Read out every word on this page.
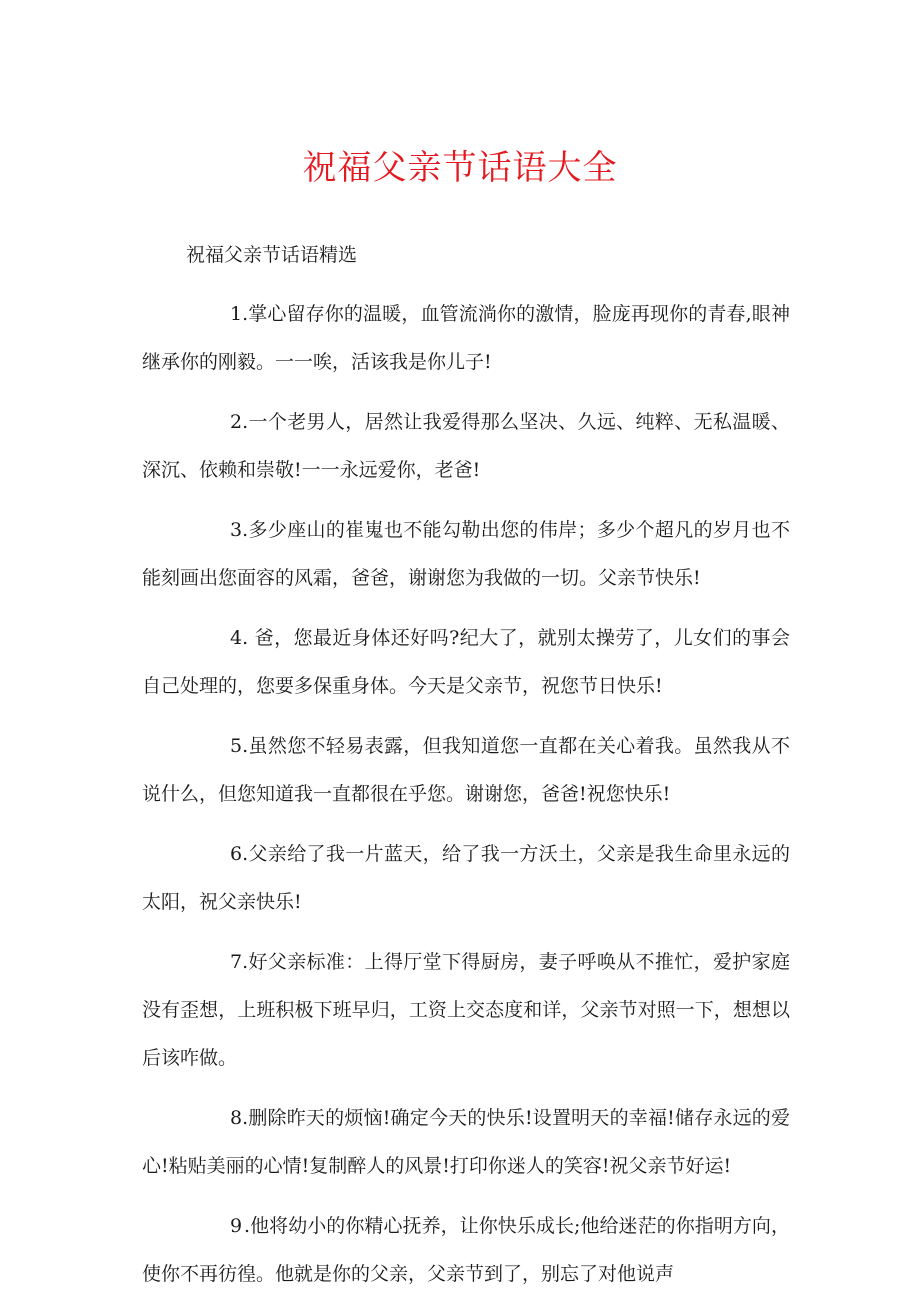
祝福父亲节话语大全

祝福父亲节话语精选

1.掌心留存你的温暖，血管流淌你的激情，脸庞再现你的青春,眼神继承你的刚毅。一一唉，活该我是你儿子!

2.一个老男人，居然让我爱得那么坚决、久远、纯粹、无私温暖、深沉、依赖和崇敬!一一永远爱你，老爸!

3.多少座山的崔嵬也不能勾勒出您的伟岸；多少个超凡的岁月也不能刻画出您面容的风霜，爸爸，谢谢您为我做的一切。父亲节快乐!

4. 爸，您最近身体还好吗?纪大了，就别太操劳了，儿女们的事会自己处理的，您要多保重身体。今天是父亲节，祝您节日快乐!

5.虽然您不轻易表露，但我知道您一直都在关心着我。虽然我从不说什么，但您知道我一直都很在乎您。谢谢您，爸爸!祝您快乐!

6.父亲给了我一片蓝天，给了我一方沃土，父亲是我生命里永远的太阳，祝父亲快乐!

7.好父亲标准：上得厅堂下得厨房，妻子呼唤从不推忙，爱护家庭没有歪想，上班积极下班早归，工资上交态度和详，父亲节对照一下，想想以后该咋做。

8.删除昨天的烦恼!确定今天的快乐!设置明天的幸福!储存永远的爱心!粘贴美丽的心情!复制醉人的风景!打印你迷人的笑容!祝父亲节好运!

9 .他将幼小的你精心抚养，让你快乐成长;他给迷茫的你指明方向，使你不再彷徨。他就是你的父亲，父亲节到了，别忘了对他说声
